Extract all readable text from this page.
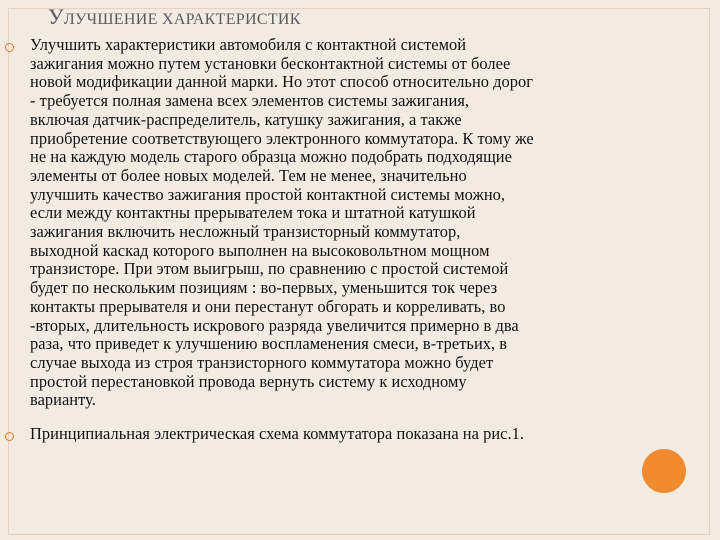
УЛУЧШЕНИЕ ХАРАКТЕРИСТИК
Улучшить характеристики автомобиля с контактной системой
зажигания можно путем установки бесконтактной системы от более
новой модификации данной марки. Но этот способ относительно дорог
- требуется полная замена всех элементов системы зажигания,
включая датчик-распределитель, катушку зажигания, а также
приобретение соответствующего электронного коммутатора. К тому же
не на каждую модель старого образца можно подобрать подходящие
элементы от более новых моделей. Тем не менее, значительно
улучшить качество зажигания простой контактной системы можно,
если между контактны прерывателем тока и штатной катушкой
зажигания включить несложный транзисторный коммутатор,
выходной каскад которого выполнен на высоковольтном мощном
транзисторе. При этом выигрыш, по сравнению с простой системой
будет по нескольким позициям : во-первых, уменьшится ток через
контакты прерывателя и они перестанут обгорать и корреливать, во
-вторых, длительность искрового разряда увеличится примерно в два
раза, что приведет к улучшению воспламенения смеси, в-третьих, в
случае выхода из строя транзисторного коммутатора можно будет
простой перестановкой провода вернуть систему к исходному
варианту.
Принципиальная электрическая схема коммутатора показана на рис.1.
